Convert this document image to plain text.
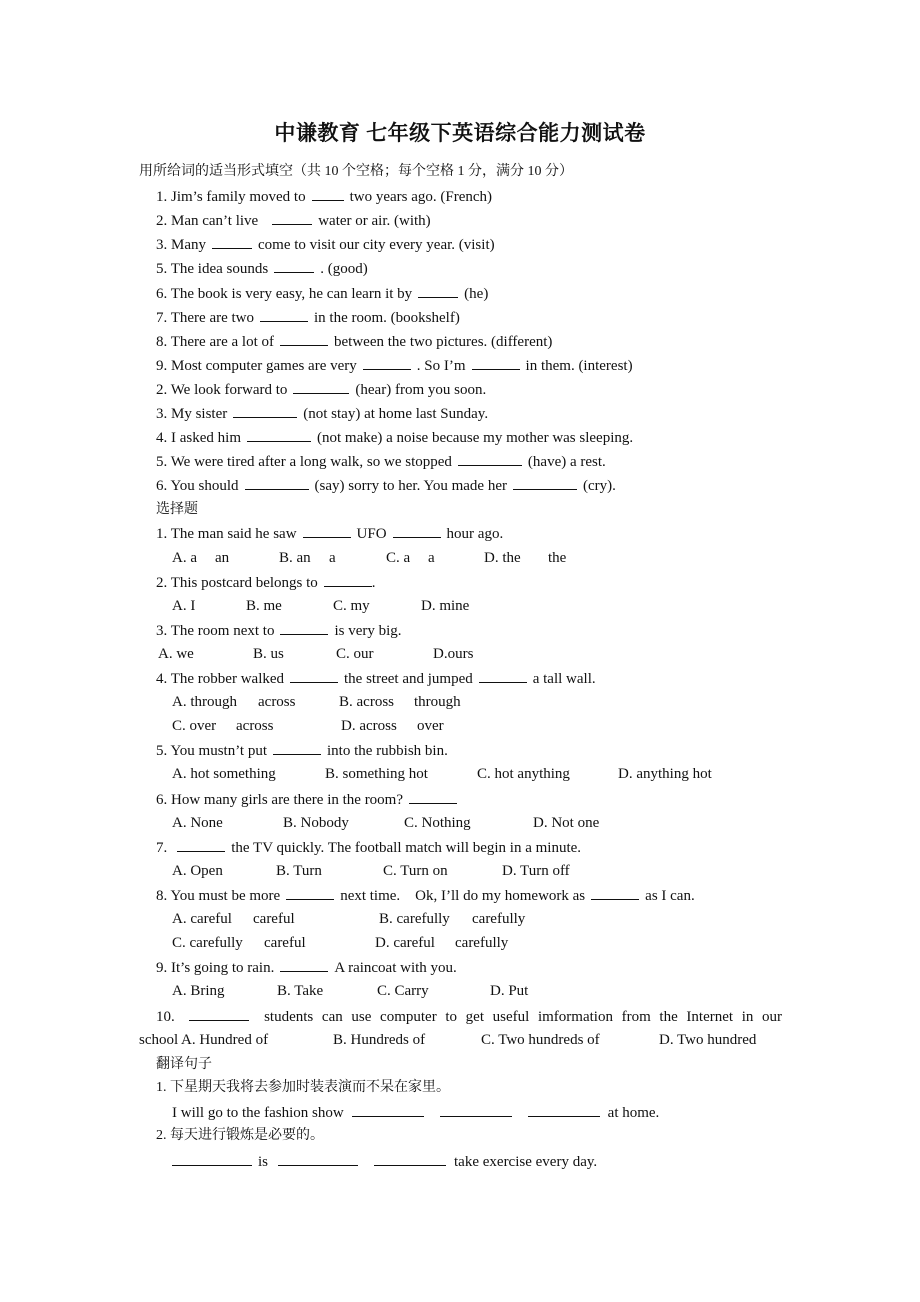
中谦教育 七年级下英语综合能力测试卷
用所给词的适当形式填空（共 10 个空格；每个空格 1 分，满分 10 分）
1. Jim’s family moved to	two years ago. (French)
2. Man can’t live	water or air. (with)
3. Many	come to visit our city every year. (visit)
5. The idea sounds	. (good)
6. The book is very easy, he can learn it by	(he)
7. There are two	in the room. (bookshelf)
8. There are a lot of	between the two pictures. (different)
9. Most computer games are very	. So I’m	in them. (interest)
2. We look forward to	(hear) from you soon.
3. My sister	(not stay) at home last Sunday.
4. I asked him	(not make) a noise because my mother was sleeping.
5. We were tired after a long walk, so we stopped	(have) a rest.
6. You should	(say) sorry to her. You made her	(cry).
选择题
1. The man said he saw	UFO	hour ago.
A. a an	B. an a	C. a a	D. the the
2. This postcard belongs to	.
A. I	B. me	C. my	D. mine
3. The room next to	is very big.
A. we	B. us	C. our	D.ours
4. The robber walked	the street and jumped	a tall wall.
A. through across	B. across through
C. over across	D. across over
5. You mustn’t put	into the rubbish bin.
A. hot something	B. something hot	C. hot anything	D. anything hot
6. How many girls are there in the room?
A. None	B. Nobody	C. Nothing	D. Not one
7.	the TV quickly. The football match will begin in a minute.
A. Open	B. Turn	C. Turn on	D. Turn off
8. You must be more	next time.    Ok, I’ll do my homework as	as I can.
A. careful careful	B. carefully carefully
C. carefully careful	D. careful carefully
9. It’s going to rain.	A raincoat with you.
A. Bring	B. Take	C. Carry	D. Put
10.	students can use computer to get useful imformation from the Internet in our
school A. Hundred of	B. Hundreds of	C. Two hundreds of	D. Two hundred
翻译句子
1. 下星期天我将去参加时装表演而不呆在家里。
I will go to the fashion show	at home.
2. 每天进行锻炼是必要的。
is	take exercise every day.
